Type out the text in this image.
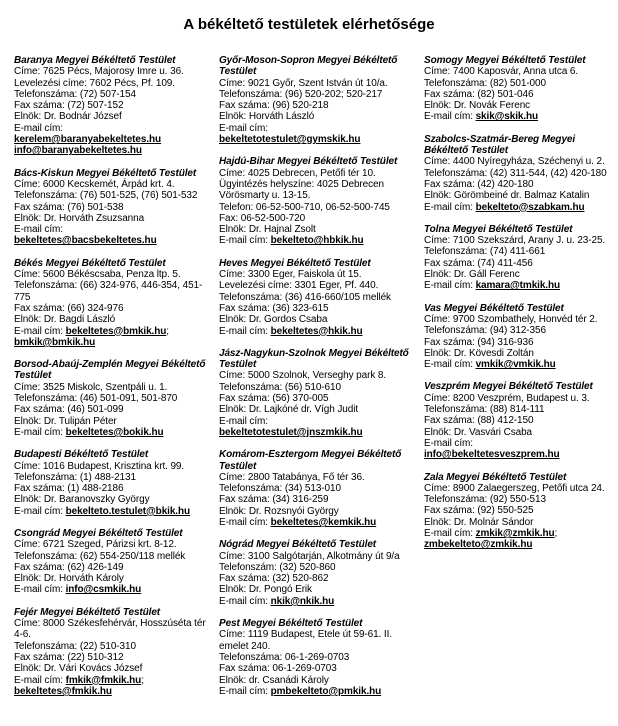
A békéltető testületek elérhetősége
Baranya Megyei Békéltető Testület
Címe: 7625 Pécs, Majorosy Imre u. 36.
Levelezési címe: 7602 Pécs, Pf. 109.
Telefonszáma: (72) 507-154
Fax száma: (72) 507-152
Elnök: Dr. Bodnár József
E-mail cím:
kerelem@baranyabekeltetes.hu
info@baranyabekeltetes.hu
Bács-Kiskun Megyei Békéltető Testület
Címe: 6000 Kecskemét, Árpád krt. 4.
Telefonszáma: (76) 501-525, (76) 501-532
Fax száma: (76) 501-538
Elnök: Dr. Horváth Zsuzsanna
E-mail cím:
bekeltetes@bacsbekeltetes.hu
Békés Megyei Békéltető Testület
Címe: 5600 Békéscsaba, Penza ltp. 5.
Telefonszáma: (66) 324-976, 446-354, 451-775
Fax száma: (66) 324-976
Elnök: Dr. Bagdi László
E-mail cím: bekeltetes@bmkik.hu; bmkik@bmkik.hu
Borsod-Abaúj-Zemplén Megyei Békéltető Testület
Címe: 3525 Miskolc, Szentpáli u. 1.
Telefonszáma: (46) 501-091, 501-870
Fax száma: (46) 501-099
Elnök: Dr. Tulipán Péter
E-mail cím: bekeltetes@bokik.hu
Budapesti Békéltető Testület
Címe: 1016 Budapest, Krisztina krt. 99.
Telefonszáma: (1) 488-2131
Fax száma: (1) 488-2186
Elnök: Dr. Baranovszky György
E-mail cím: bekelteto.testulet@bkik.hu
Csongrád Megyei Békéltető Testület
Címe: 6721 Szeged, Párizsi krt. 8-12.
Telefonszáma: (62) 554-250/118 mellék
Fax száma: (62) 426-149
Elnök: Dr. Horváth Károly
E-mail cím: info@csmkik.hu
Fejér Megyei Békéltető Testület
Címe: 8000 Székesfehérvár, Hosszúséta tér 4-6.
Telefonszáma: (22) 510-310
Fax száma: (22) 510-312
Elnök: Dr. Vári Kovács József
E-mail cím: fmkik@fmkik.hu; bekeltetes@fmkik.hu
Győr-Moson-Sopron Megyei Békéltető Testület
Címe: 9021 Győr, Szent István út 10/a.
Telefonszáma: (96) 520-202; 520-217
Fax száma: (96) 520-218
Elnök: Horváth László
E-mail cím:
bekeltetotestulet@gymskik.hu
Hajdú-Bihar Megyei Békéltető Testület
Címe: 4025 Debrecen, Petőfi tér 10.
Ügyintézés helyszíne: 4025 Debrecen Vörösmarty u. 13-15.
Telefon: 06-52-500-710, 06-52-500-745
Fax: 06-52-500-720
Elnök: Dr. Hajnal Zsolt
E-mail cím: bekelteto@hbkik.hu
Heves Megyei Békéltető Testület
Címe: 3300 Eger, Faiskola út 15.
Levelezési címe: 3301 Eger, Pf. 440.
Telefonszáma: (36) 416-660/105 mellék
Fax száma: (36) 323-615
Elnök: Dr. Gordos Csaba
E-mail cím: bekeltetes@hkik.hu
Jász-Nagykun-Szolnok Megyei Békéltető Testület
Címe: 5000 Szolnok, Verseghy park 8.
Telefonszáma: (56) 510-610
Fax száma: (56) 370-005
Elnök: Dr. Lajkóné dr. Vígh Judit
E-mail cím:
bekeltetotestulet@jnszmkik.hu
Komárom-Esztergom Megyei Békéltető Testület
Címe: 2800 Tatabánya, Fő tér 36.
Telefonszáma: (34) 513-010
Fax száma: (34) 316-259
Elnök: Dr. Rozsnyói György
E-mail cím: bekeltetes@kemkik.hu
Nógrád Megyei Békéltető Testület
Címe: 3100 Salgótarján, Alkotmány út 9/a
Telefonszám: (32) 520-860
Fax száma: (32) 520-862
Elnök: Dr. Pongó Erik
E-mail cím: nkik@nkik.hu
Pest Megyei Békéltető Testület
Címe: 1119 Budapest, Etele út 59-61. II. emelet 240.
Telefonszáma: 06-1-269-0703
Fax száma: 06-1-269-0703
Elnök: dr. Csanádi Károly
E-mail cím: pmbekelteto@pmkik.hu
Somogy Megyei Békéltető Testület
Címe: 7400 Kaposvár, Anna utca 6.
Telefonszáma: (82) 501-000
Fax száma: (82) 501-046
Elnök: Dr. Novák Ferenc
E-mail cím: skik@skik.hu
Szabolcs-Szatmár-Bereg Megyei Békéltető Testület
Címe: 4400 Nyíregyháza, Széchenyi u. 2.
Telefonszáma: (42) 311-544, (42) 420-180
Fax száma: (42) 420-180
Elnök: Görömbeiné dr. Balmaz Katalin
E-mail cím: bekelteto@szabkam.hu
Tolna Megyei Békéltető Testület
Címe: 7100 Szekszárd, Arany J. u. 23-25.
Telefonszáma: (74) 411-661
Fax száma: (74) 411-456
Elnök: Dr. Gáll Ferenc
E-mail cím: kamara@tmkik.hu
Vas Megyei Békéltető Testület
Címe: 9700 Szombathely, Honvéd tér 2.
Telefonszáma: (94) 312-356
Fax száma: (94) 316-936
Elnök: Dr. Kövesdi Zoltán
E-mail cím: vmkik@vmkik.hu
Veszprém Megyei Békéltető Testület
Címe: 8200 Veszprém, Budapest u. 3.
Telefonszáma: (88) 814-111
Fax száma: (88) 412-150
Elnök: Dr. Vasvári Csaba
E-mail cím:
info@bekeltetesveszprem.hu
Zala Megyei Békéltető Testület
Címe: 8900 Zalaegerszeg, Petőfi utca 24.
Telefonszáma: (92) 550-513
Fax száma: (92) 550-525
Elnök: Dr. Molnár Sándor
E-mail cím: zmkik@zmkik.hu; zmbekelteto@zmkik.hu
